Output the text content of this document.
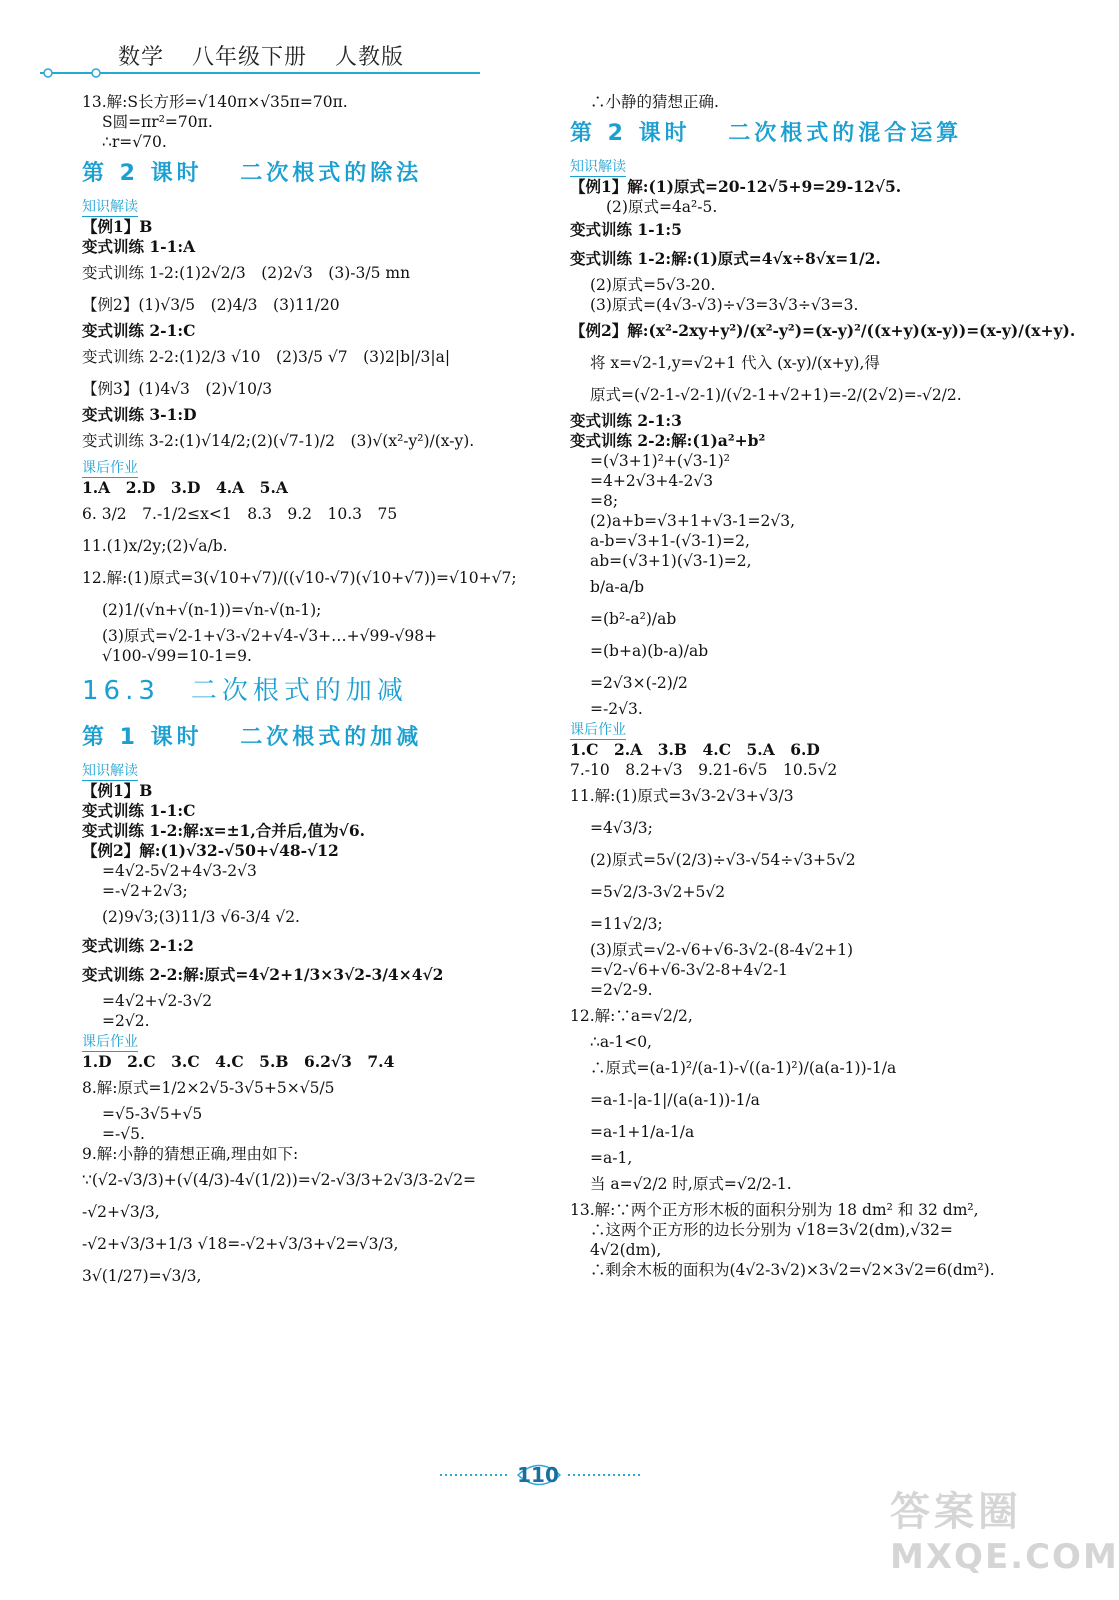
数学 八年级下册 人教版
13.解:S长方形=√140π×√35π=70π.
S圆=πr²=70π.
∴r=√70.
第 2 课时　 二次根式的除法
知识解读
【例1】B
变式训练 1-1:A
变式训练 1-2:(1)2√2/3　(2)2√3　(3)-3/5 mn
【例2】(1)√3/5　(2)4/3　(3)11/20
变式训练 2-1:C
变式训练 2-2:(1)2/3 √10　(2)3/5 √7　(3)2|b|/3|a|
【例3】(1)4√3　(2)√10/3
变式训练 3-1:D
变式训练 3-2:(1)√14/2;(2)(√7-1)/2　(3)√(x²-y²)/(x-y).
课后作业
1.A　2.D　3.D　4.A　5.A
6. 3/2　7.-1/2≤x<1　8.3　9.2　10.3　75
11.(1)x/2y;(2)√a/b.
12.解:(1)原式=3(√10+√7)/((√10-√7)(√10+√7))=√10+√7;
(2)1/(√n+√(n-1))=√n-√(n-1);
(3)原式=√2-1+√3-√2+√4-√3+…+√99-√98+
√100-√99=10-1=9.
16.3　二次根式的加减
第 1 课时　 二次根式的加减
知识解读
【例1】B
变式训练 1-1:C
变式训练 1-2:解:x=±1,合并后,值为√6.
【例2】解:(1)√32-√50+√48-√12
=4√2-5√2+4√3-2√3
=-√2+2√3;
(2)9√3;(3)11/3 √6-3/4 √2.
变式训练 2-1:2
变式训练 2-2:解:原式=4√2+1/3×3√2-3/4×4√2
=4√2+√2-3√2
=2√2.
课后作业
1.D　2.C　3.C　4.C　5.B　6.2√3　7.4
8.解:原式=1/2×2√5-3√5+5×√5/5
=√5-3√5+√5
=-√5.
9.解:小静的猜想正确,理由如下:
∵(√2-√3/3)+(√(4/3)-4√(1/2))=√2-√3/3+2√3/3-2√2=
-√2+√3/3,
-√2+√3/3+1/3 √18=-√2+√3/3+√2=√3/3,
3√(1/27)=√3/3,
∴小静的猜想正确.
第 2 课时　 二次根式的混合运算
知识解读
【例1】解:(1)原式=20-12√5+9=29-12√5.
(2)原式=4a²-5.
变式训练 1-1:5
变式训练 1-2:解:(1)原式=4√x÷8√x=1/2.
(2)原式=5√3-20.
(3)原式=(4√3-√3)÷√3=3√3÷√3=3.
【例2】解:(x²-2xy+y²)/(x²-y²)=(x-y)²/((x+y)(x-y))=(x-y)/(x+y).
将 x=√2-1,y=√2+1 代入 (x-y)/(x+y),得
原式=(√2-1-√2-1)/(√2-1+√2+1)=-2/(2√2)=-√2/2.
变式训练 2-1:3
变式训练 2-2:解:(1)a²+b²
=(√3+1)²+(√3-1)²
=4+2√3+4-2√3
=8;
(2)a+b=√3+1+√3-1=2√3,
a-b=√3+1-(√3-1)=2,
ab=(√3+1)(√3-1)=2,
b/a-a/b
=(b²-a²)/ab
=(b+a)(b-a)/ab
=2√3×(-2)/2
=-2√3.
课后作业
1.C　2.A　3.B　4.C　5.A　6.D
7.-10　8.2+√3　9.21-6√5　10.5√2
11.解:(1)原式=3√3-2√3+√3/3
=4√3/3;
(2)原式=5√(2/3)÷√3-√54÷√3+5√2
=5√2/3-3√2+5√2
=11√2/3;
(3)原式=√2-√6+√6-3√2-(8-4√2+1)
=√2-√6+√6-3√2-8+4√2-1
=2√2-9.
12.解:∵a=√2/2,
∴a-1<0,
∴原式=(a-1)²/(a-1)-√((a-1)²)/(a(a-1))-1/a
=a-1-|a-1|/(a(a-1))-1/a
=a-1+1/a-1/a
=a-1,
当 a=√2/2 时,原式=√2/2-1.
13.解:∵两个正方形木板的面积分别为 18 dm² 和 32 dm²,
∴这两个正方形的边长分别为 √18=3√2(dm),√32=
4√2(dm),
∴剩余木板的面积为(4√2-3√2)×3√2=√2×3√2=6(dm²).
110
答案圈
MXQE.COM
